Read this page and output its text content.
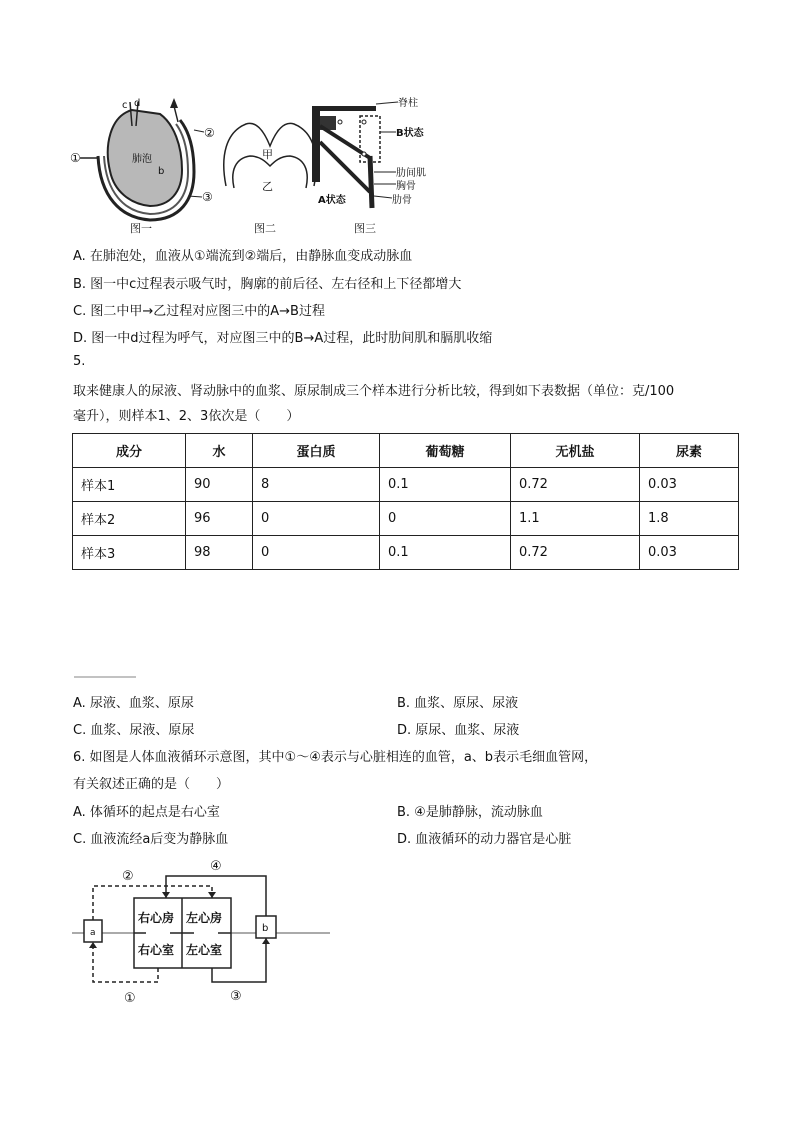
c d
①
②
③
肺泡
b
图一
甲
乙
图二
脊柱
B状态
肋间肌
胸骨
A状态	肋骨
图三
A. 在肺泡处，血液从①端流到②端后，由静脉血变成动脉血
B. 图一中c过程表示吸气时，胸廓的前后径、左右径和上下径都增大
C. 图二中甲→乙过程对应图三中的A→B过程
D. 图一中d过程为呼气，对应图三中的B→A过程，此时肋间肌和膈肌收缩
5.
取来健康人的尿液、肾动脉中的血浆、原尿制成三个样本进行分析比较，得到如下表数据（单位：克/100
毫升），则样本1、2、3依次是（　　）
成分	水	蛋白质	葡萄糖	无机盐	尿素
样本1	90	8	0.1	0.72	0.03
样本2	96	0	0	1.1	1.8
样本3	98	0	0.1	0.72	0.03
A. 尿液、血浆、原尿	B. 血浆、原尿、尿液
C. 血浆、尿液、原尿	D. 原尿、血浆、尿液
6. 如图是人体血液循环示意图，其中①～④表示与心脏相连的血管，a、b表示毛细血管网，
有关叙述正确的是（　　）
A. 体循环的起点是右心室	B. ④是肺静脉，流动脉血
C. 血液流经a后变为静脉血	D. 血液循环的动力器官是心脏
②
④
①	③
a	b
右心房 左心房
右心室 左心室
